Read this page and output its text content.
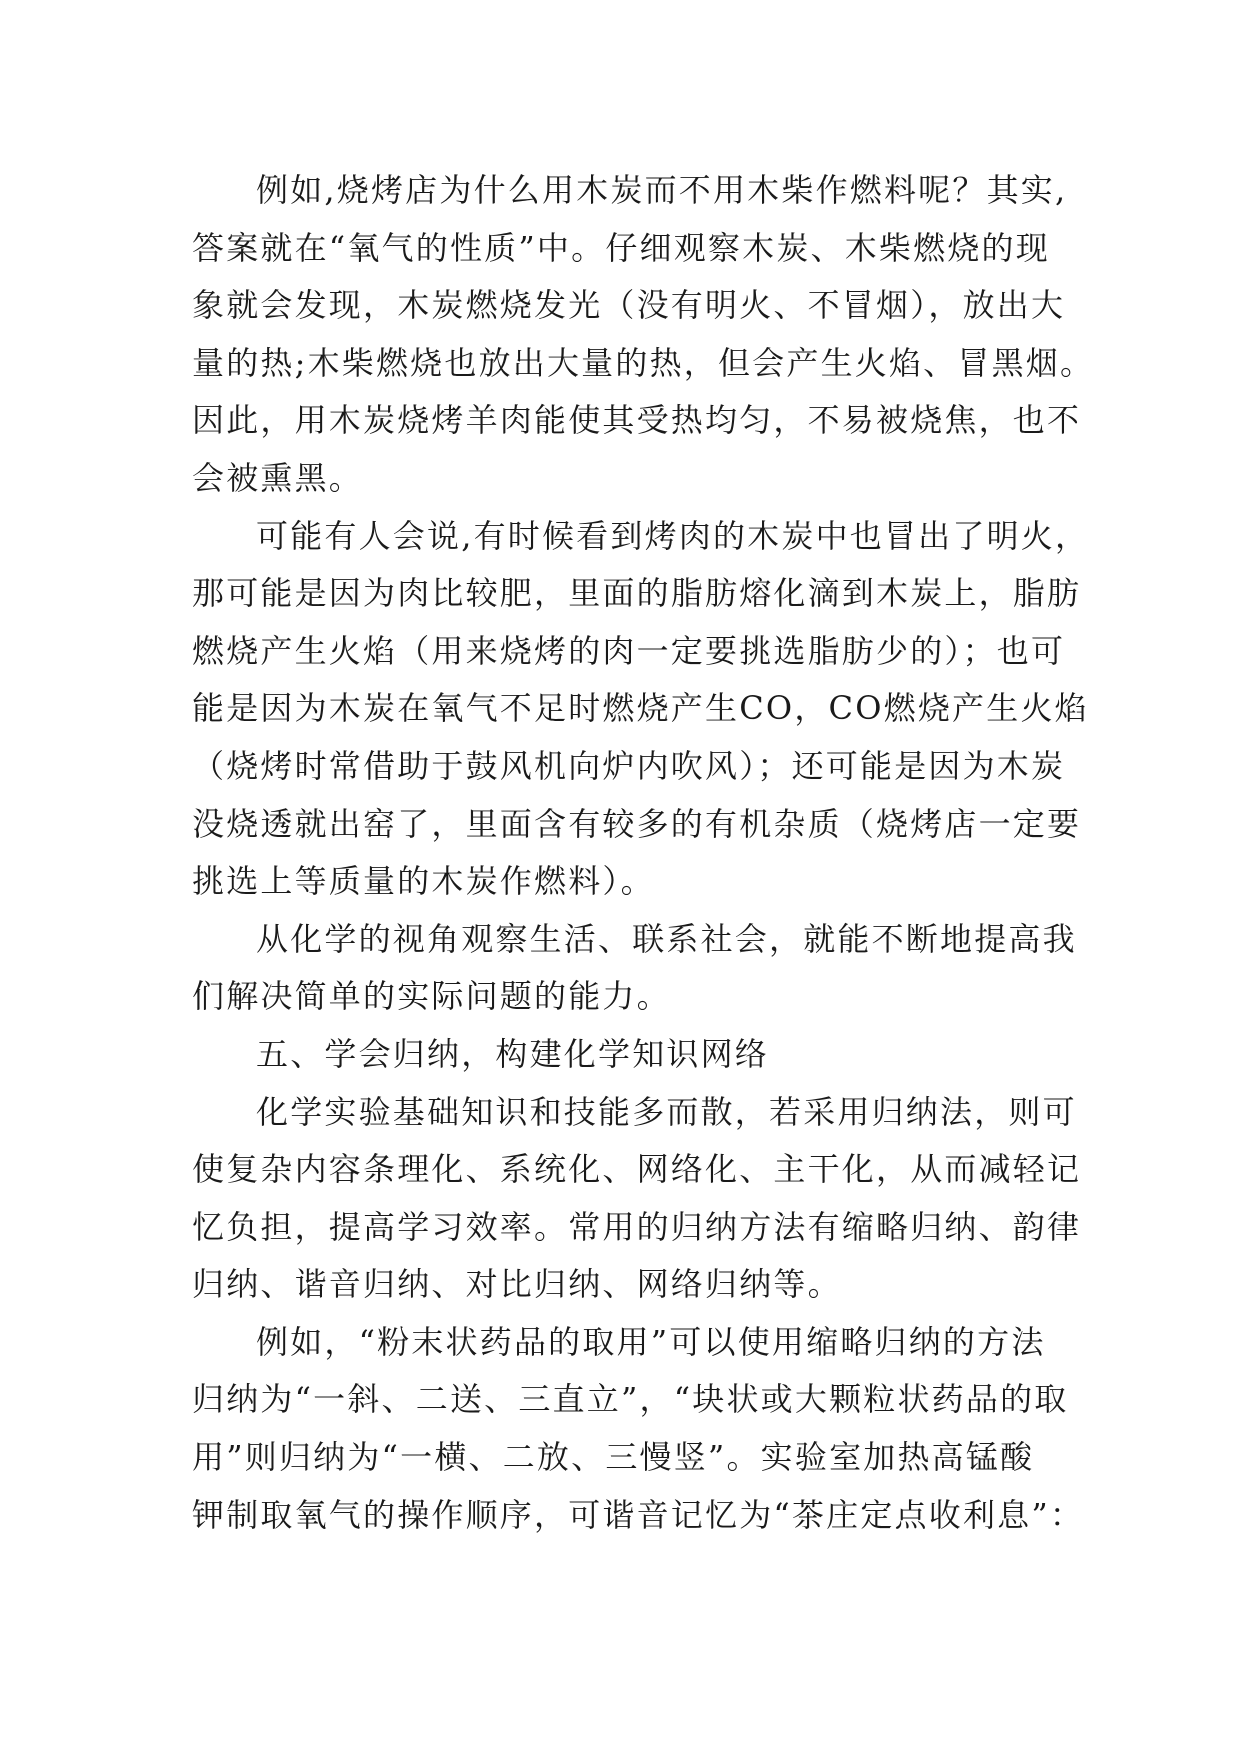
例如,烧烤店为什么用木炭而不用木柴作燃料呢？其实,
答案就在“氧气的性质”中。仔细观察木炭、木柴燃烧的现
象就会发现，木炭燃烧发光（没有明火、不冒烟），放出大
量的热;木柴燃烧也放出大量的热，但会产生火焰、冒黑烟。
因此，用木炭烧烤羊肉能使其受热均匀，不易被烧焦，也不
会被熏黑。
可能有人会说,有时候看到烤肉的木炭中也冒出了明火，
那可能是因为肉比较肥，里面的脂肪熔化滴到木炭上，脂肪
燃烧产生火焰（用来烧烤的肉一定要挑选脂肪少的）；也可
能是因为木炭在氧气不足时燃烧产生CO，CO燃烧产生火焰
（烧烤时常借助于鼓风机向炉内吹风）；还可能是因为木炭
没烧透就出窑了，里面含有较多的有机杂质（烧烤店一定要
挑选上等质量的木炭作燃料）。
从化学的视角观察生活、联系社会，就能不断地提高我
们解决简单的实际问题的能力。
五、学会归纳，构建化学知识网络
化学实验基础知识和技能多而散，若采用归纳法，则可
使复杂内容条理化、系统化、网络化、主干化，从而减轻记
忆负担，提高学习效率。常用的归纳方法有缩略归纳、韵律
归纳、谐音归纳、对比归纳、网络归纳等。
例如，“粉末状药品的取用”可以使用缩略归纳的方法
归纳为“一斜、二送、三直立”，“块状或大颗粒状药品的取
用”则归纳为“一横、二放、三慢竖”。实验室加热高锰酸
钾制取氧气的操作顺序，可谐音记忆为“茶庄定点收利息”：
